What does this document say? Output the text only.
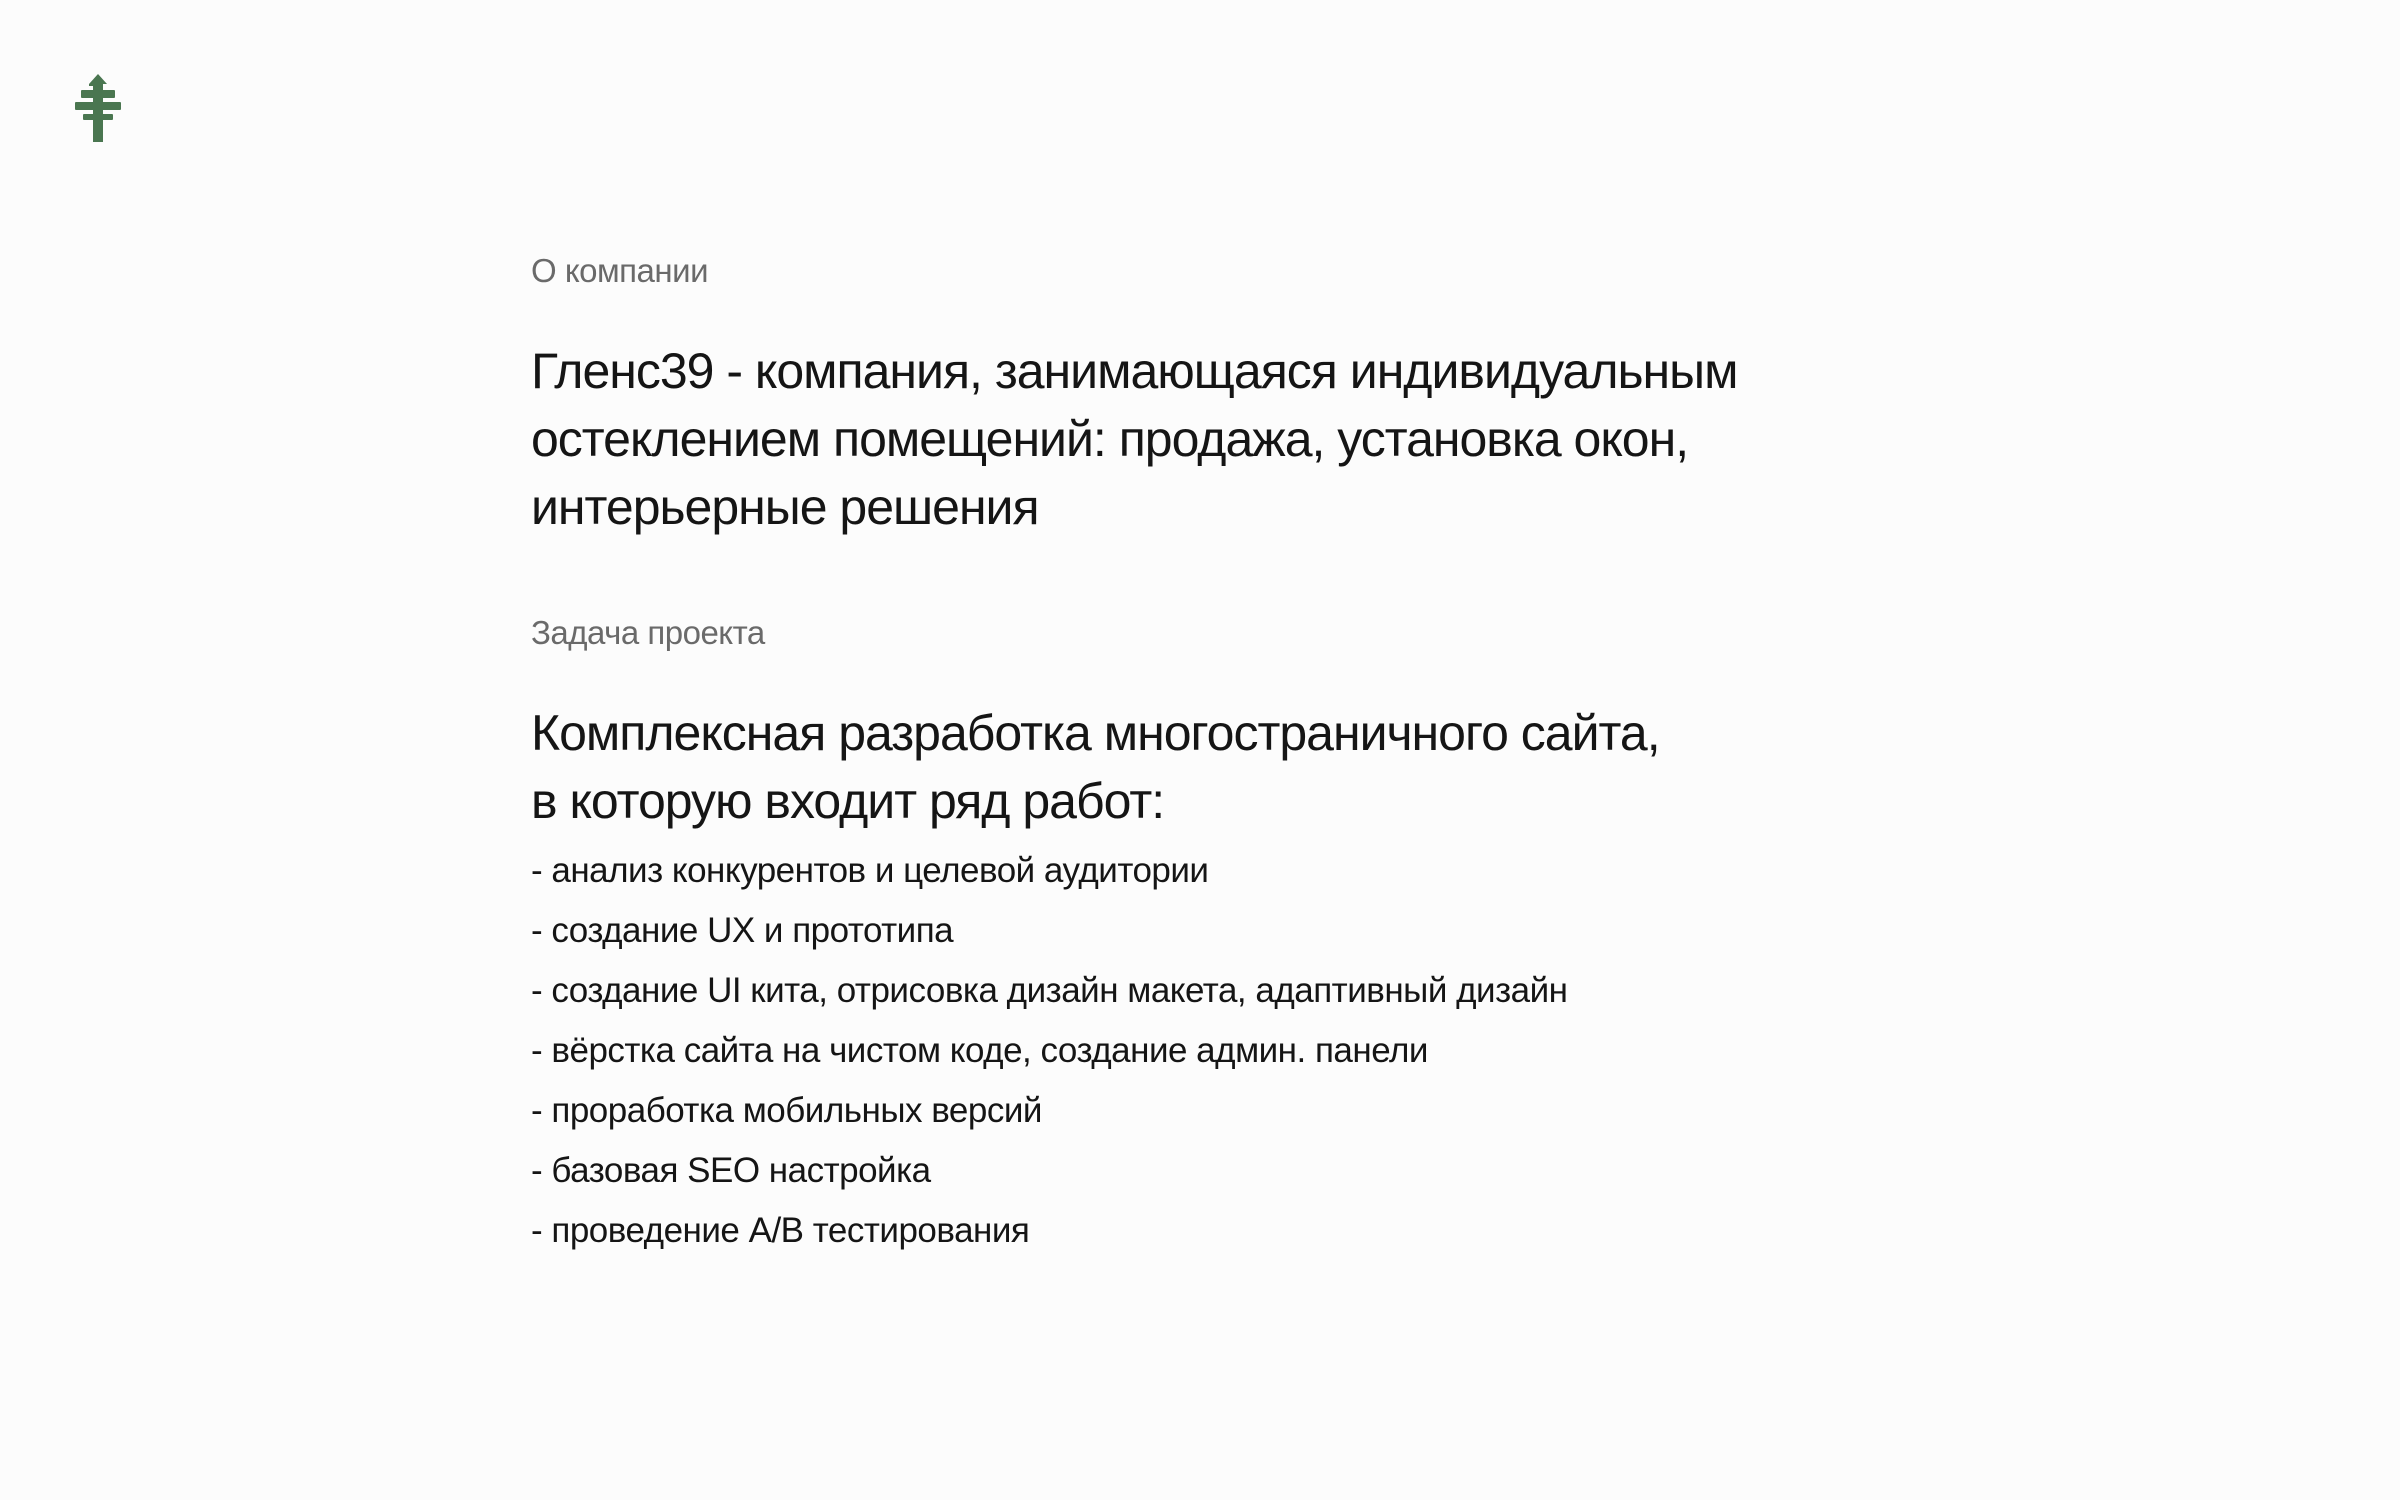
О компании

Гленс39 - компания, занимающаяся индивидуальным
остеклением помещений: продажа, установка окон,
интерьерные решения

Задача проекта

Комплексная разработка многостраничного сайта,
в которую входит ряд работ:

- анализ конкурентов и целевой аудитории
- создание UX и прототипа
- создание UI кита, отрисовка дизайн макета, адаптивный дизайн
- вёрстка сайта на чистом коде, создание админ. панели
- проработка мобильных версий
- базовая SEO настройка
- проведение A/B тестирования
